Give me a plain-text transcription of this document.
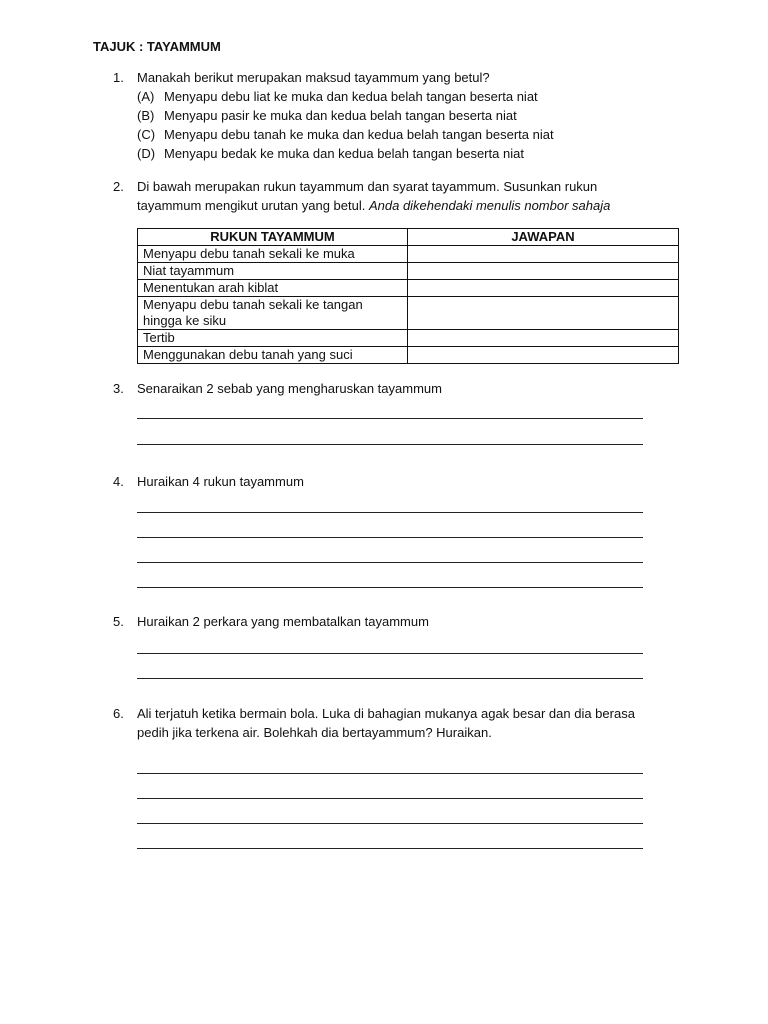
TAJUK : TAYAMMUM
1. Manakah berikut merupakan maksud tayammum yang betul?
(A) Menyapu debu liat ke muka dan kedua belah tangan beserta niat
(B) Menyapu pasir ke muka dan kedua belah tangan beserta niat
(C) Menyapu debu tanah ke muka dan kedua belah tangan beserta niat
(D) Menyapu bedak ke muka dan kedua belah tangan beserta niat
2. Di bawah merupakan rukun tayammum dan syarat tayammum. Susunkan rukun tayammum mengikut urutan yang betul. Anda dikehendaki menulis nombor sahaja
RUKUN TAYAMMUM	JAWAPAN
Menyapu debu tanah sekali ke muka	
Niat tayammum	
Menentukan arah kiblat	
Menyapu debu tanah sekali ke tangan hingga ke siku	
Tertib	
Menggunakan debu tanah yang suci	
3. Senaraikan 2 sebab yang mengharuskan tayammum
4. Huraikan 4 rukun tayammum
5. Huraikan 2 perkara yang membatalkan tayammum
6. Ali terjatuh ketika bermain bola. Luka di bahagian mukanya agak besar dan dia berasa pedih jika terkena air. Bolehkah dia bertayammum? Huraikan.
